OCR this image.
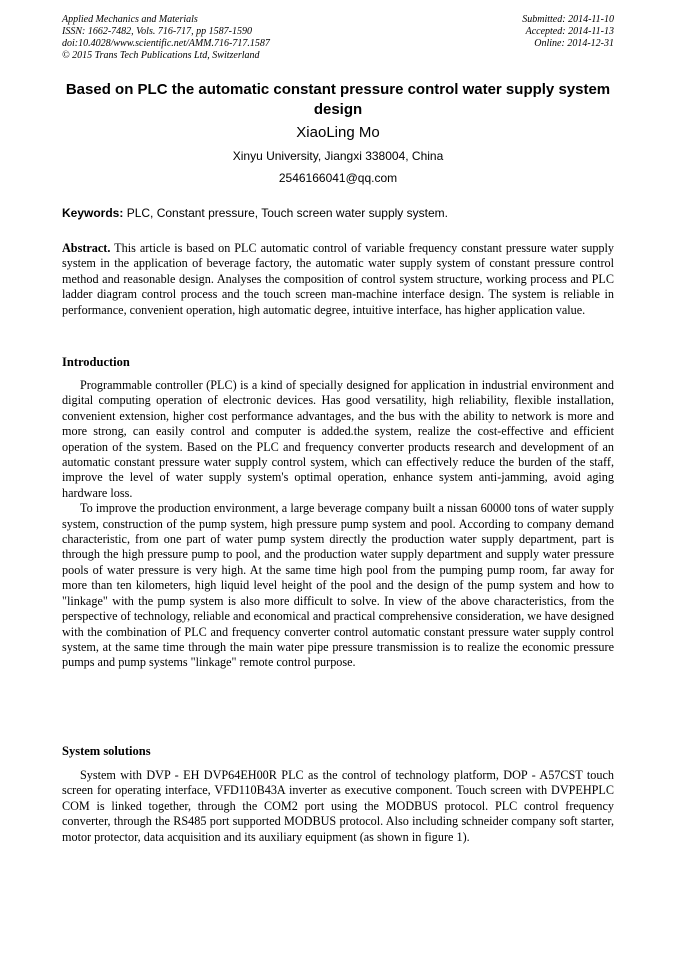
Applied Mechanics and Materials
ISSN: 1662-7482, Vols. 716-717, pp 1587-1590
doi:10.4028/www.scientific.net/AMM.716-717.1587
© 2015 Trans Tech Publications Ltd, Switzerland
Submitted: 2014-11-10
Accepted: 2014-11-13
Online: 2014-12-31
Based on PLC the automatic constant pressure control water supply system design
XiaoLing Mo
Xinyu University, Jiangxi 338004, China
2546166041@qq.com
Keywords: PLC, Constant pressure, Touch screen water supply system.

Abstract. This article is based on PLC automatic control of variable frequency constant pressure water supply system in the application of beverage factory, the automatic water supply system of constant pressure control method and reasonable design. Analyses the composition of control system structure, working process and PLC ladder diagram control process and the touch screen man-machine interface design. The system is reliable in performance, convenient operation, high automatic degree, intuitive interface, has higher application value.

Introduction

Programmable controller (PLC) is a kind of specially designed for application in industrial environment and digital computing operation of electronic devices. Has good versatility, high reliability, flexible installation, convenient extension, higher cost performance advantages, and the bus with the ability to network is more and more strong, can easily control and computer is added.the system, realize the cost-effective and efficient operation of the system. Based on the PLC and frequency converter products research and development of an automatic constant pressure water supply control system, which can effectively reduce the burden of the staff, improve the level of water supply system's optimal operation, enhance system anti-jamming, avoid aging hardware loss.

To improve the production environment, a large beverage company built a nissan 60000 tons of water supply system, construction of the pump system, high pressure pump system and pool. According to company demand characteristic, from one part of water pump system directly the production water supply department, part is through the high pressure pump to pool, and the production water supply department and supply water pressure pools of water pressure is very high. At the same time high pool from the pumping pump room, far away for more than ten kilometers, high liquid level height of the pool and the design of the pump system and how to "linkage" with the pump system is also more difficult to solve. In view of the above characteristics, from the perspective of technology, reliable and economical and practical comprehensive consideration, we have designed with the combination of PLC and frequency converter control automatic constant pressure water supply control system, at the same time through the main water pipe pressure transmission is to realize the economic pressure pumps and pump systems "linkage" remote control purpose.

System solutions

System with DVP - EH DVP64EH00R PLC as the control of technology platform, DOP - A57CST touch screen for operating interface, VFD110B43A inverter as executive component. Touch screen with DVPEHPLC COM is linked together, through the COM2 port using the MODBUS protocol. PLC control frequency converter, through the RS485 port supported MODBUS protocol. Also including schneider company soft starter, motor protector, data acquisition and its auxiliary equipment (as shown in figure 1).
